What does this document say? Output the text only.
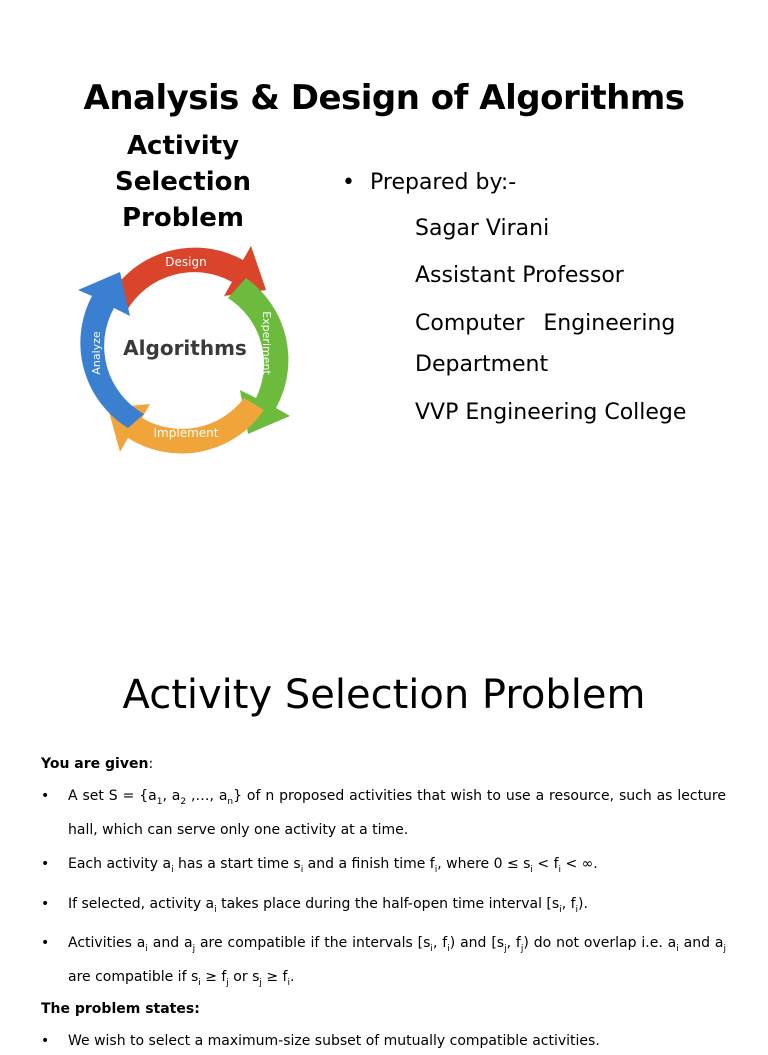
Analysis & Design of Algorithms
Activity
Selection
Problem
Design
Experiment
Implement
Analyze Algorithms
• Prepared by:-
Sagar Virani
Assistant Professor
Computer Engineering
Department
VVP Engineering College
Activity Selection Problem
You are given:
• A set $S = \{a_1$, $a_2$ ,…, $a_n$} of n proposed activities that wish to use a resource, such as lecture hall, which can serve only one activity at a time.
• Each activity $a_i$ has a start time $s_i$ and a finish time $f_i$, where $0 \le s_i < f_i$ < ∞.
• If selected, activity $a_i$ takes place during the half-open time interval [$s_i$, $f_i$).
• Activities $a_i$ and $a_j$ are compatible if the intervals [$s_i$, $f_i$) and [$s_j$, $f_j$) do not overlap i.e. $a_i$ and $a_j$ are compatible if $s_i \ge f_j$ or $s_j \ge f_i$.
The problem states:
• We wish to select a maximum-size subset of mutually compatible activities.
